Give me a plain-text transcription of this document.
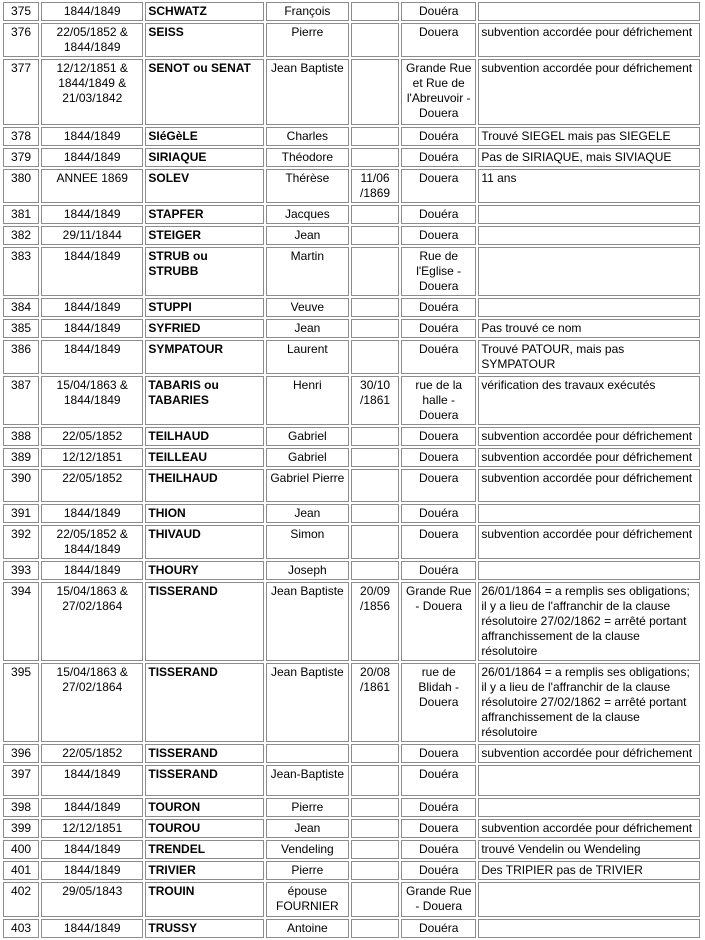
375	1844/1849	SCHWATZ	François		Douéra	
376	22/05/1852 & 1844/1849	SEISS	Pierre		Douera	subvention accordée pour défrichement
377	12/12/1851 & 1844/1849 & 21/03/1842	SENOT ou SENAT	Jean Baptiste		Grande Rue et Rue de l'Abreuvoir - Douera	subvention accordée pour défrichement
378	1844/1849	SIéGèLE	Charles		Douéra	Trouvé SIEGEL mais pas SIEGELE
379	1844/1849	SIRIAQUE	Théodore		Douéra	Pas de SIRIAQUE, mais SIVIAQUE
380	ANNEE 1869	SOLEV	Thérèse	11/06 /1869	Douera	11 ans
381	1844/1849	STAPFER	Jacques		Douéra	
382	29/11/1844	STEIGER	Jean		Douera	
383	1844/1849	STRUB ou STRUBB	Martin		Rue de l'Eglise - Douera	
384	1844/1849	STUPPI	Veuve		Douéra	
385	1844/1849	SYFRIED	Jean		Douéra	Pas trouvé ce nom
386	1844/1849	SYMPATOUR	Laurent		Douéra	Trouvé PATOUR, mais pas SYMPATOUR
387	15/04/1863 & 1844/1849	TABARIS ou TABARIES	Henri	30/10 /1861	rue de la halle - Douera	vérification des travaux exécutés
388	22/05/1852	TEILHAUD	Gabriel		Douera	subvention accordée pour défrichement
389	12/12/1851	TEILLEAU	Gabriel		Douera	subvention accordée pour défrichement
390	22/05/1852	THEILHAUD	Gabriel Pierre		Douera	subvention accordée pour défrichement
391	1844/1849	THION	Jean		Douéra	
392	22/05/1852 & 1844/1849	THIVAUD	Simon		Douera	subvention accordée pour défrichement
393	1844/1849	THOURY	Joseph		Douéra	
394	15/04/1863 & 27/02/1864	TISSERAND	Jean Baptiste	20/09 /1856	Grande Rue - Douera	26/01/1864 = a remplis ses obligations; il y a lieu de l'affranchir de la clause résolutoire 27/02/1862 = arrêté portant affranchissement de la clause résolutoire
395	15/04/1863 & 27/02/1864	TISSERAND	Jean Baptiste	20/08 /1861	rue de Blidah - Douera	26/01/1864 = a remplis ses obligations; il y a lieu de l'affranchir de la clause résolutoire 27/02/1862 = arrêté portant affranchissement de la clause résolutoire
396	22/05/1852	TISSERAND			Douera	subvention accordée pour défrichement
397	1844/1849	TISSERAND	Jean-Baptiste		Douéra	
398	1844/1849	TOURON	Pierre		Douéra	
399	12/12/1851	TOUROU	Jean		Douera	subvention accordée pour défrichement
400	1844/1849	TRENDEL	Vendeling		Douéra	trouvé Vendelin ou Wendeling
401	1844/1849	TRIVIER	Pierre		Douéra	Des TRIPIER pas de TRIVIER
402	29/05/1843	TROUIN	épouse FOURNIER		Grande Rue - Douera	
403	1844/1849	TRUSSY	Antoine		Douéra	
